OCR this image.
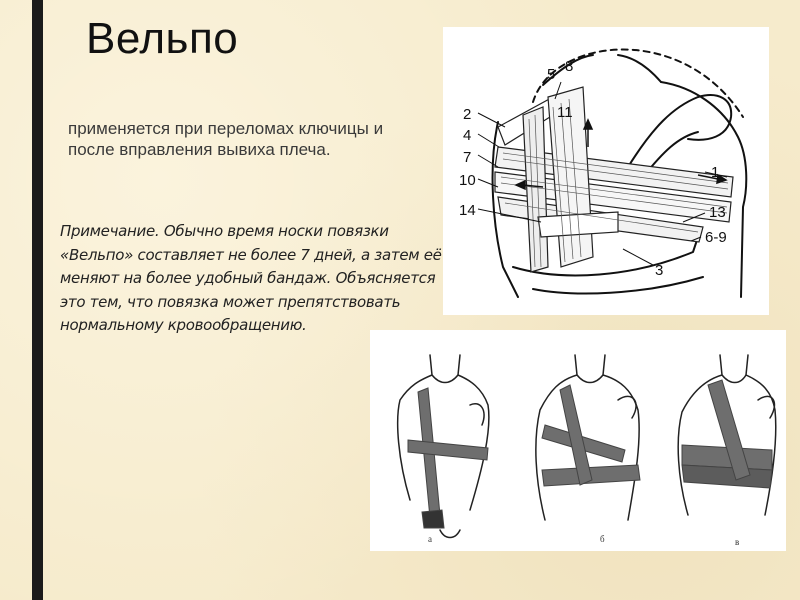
Вельпо
применяется при переломах ключицы и после вправления вывиха плеча.
Примечание. Обычно время носки повязки «Вельпо» составляет не более 7 дней, а затем её меняют на более удобный бандаж. Объясняется это тем, что повязка может препятствовать нормальному кровообращению.
2
4
7
10
14
5 8
11
1
13
6-9
3
а	б	в
